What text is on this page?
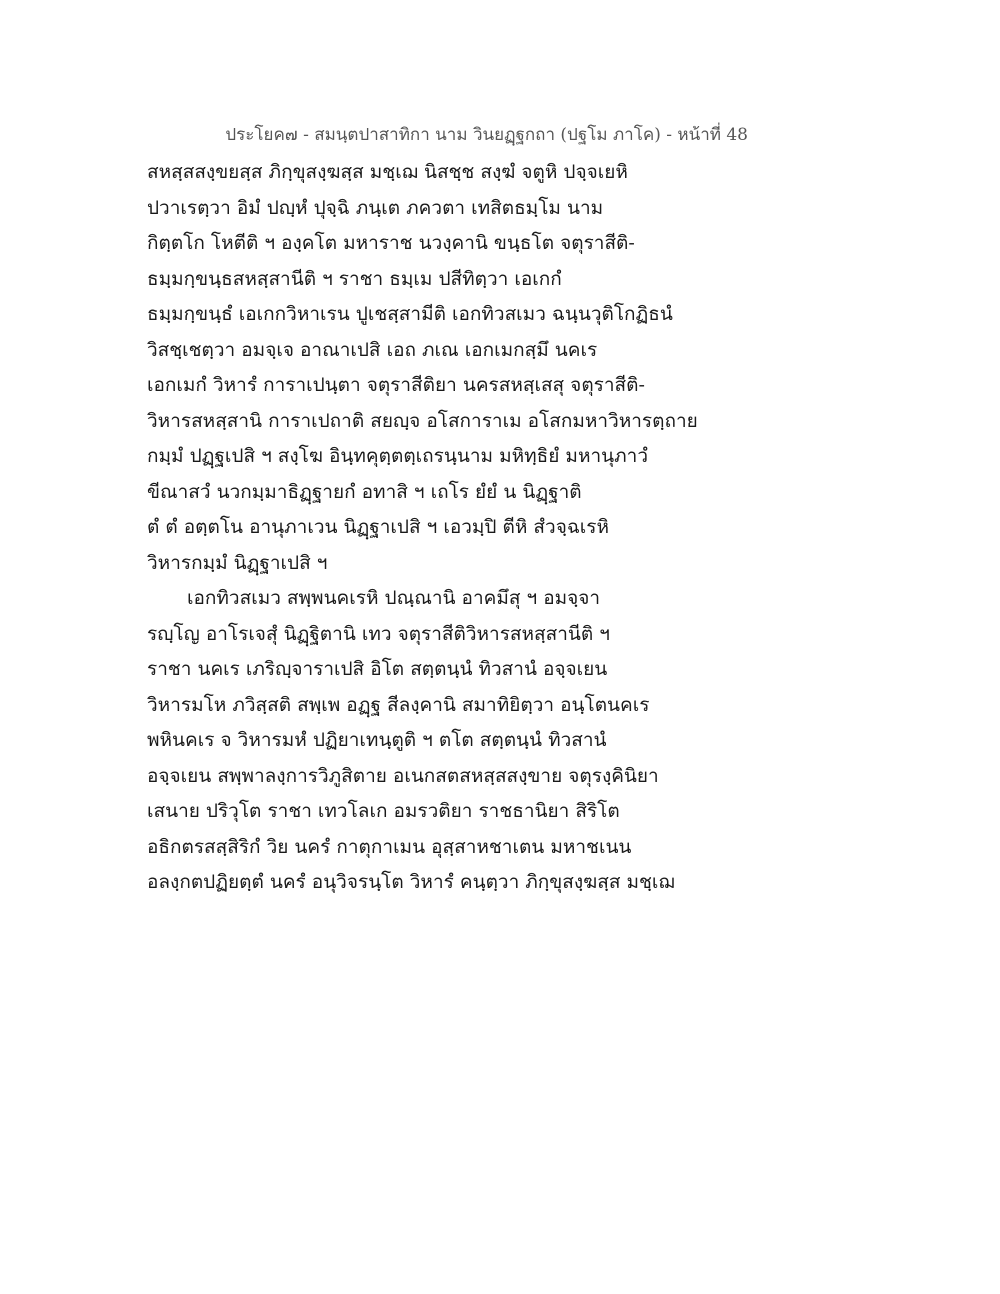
ประโยค๗ - สมนฺตปาสาทิกา นาม วินยฏฺฐกถา (ปฐโม ภาโค) - หน้าที่ 48
สหสฺสสงฺขยสฺส ภิกฺขุสงฺฆสฺส มชฺเฌ นิสชฺช สงฺฆํ จตูหิ ปจฺจเยหิ
ปวาเรตฺวา อิมํ ปญฺหํ ปุจฺฉิ ภนฺเต ภควตา เทสิตธมฺโม นาม
กิตฺตโก โหตีติ ฯ องฺคโต มหาราช นวงฺคานิ ขนฺธโต จตุราสีติ-
ธมฺมกฺขนฺธสหสฺสานีติ ฯ ราชา ธมฺเม ปสีทิตฺวา เอเกกํ
ธมฺมกฺขนฺธํ เอเกกวิหาเรน ปูเชสฺสามีติ เอกทิวสเมว ฉนฺนวุติโกฏิธนํ
วิสชฺเชตฺวา อมจฺเจ อาณาเปสิ เอถ ภเณ เอกเมกสฺมึ นคเร
เอกเมกํ วิหารํ การาเปนฺตา จตุราสีติยา นครสหสฺเสสุ จตุราสีติ-
วิหารสหสฺสานิ การาเปถาติ สยญฺจ อโสการาเม อโสกมหาวิหารตฺถาย
กมฺมํ ปฏฺฐเปสิ ฯ สงฺโฆ อินฺทคุตฺตตฺเถรนฺนาม มหิทฺธิยํ มหานุภาวํ
ขีณาสวํ นวกมฺมาธิฏฺฐายกํ อทาสิ ฯ เถโร ยํยํ น นิฏฺฐาติ
ตํ ตํ อตฺตโน อานุภาเวน นิฏฺฐาเปสิ ฯ เอวมฺปิ ตีหิ สํวจฺฉเรหิ
วิหารกมฺมํ นิฏฺฐาเปสิ ฯ
เอกทิวสเมว สพฺพนคเรหิ ปณฺณานิ อาคมึสุ ฯ อมจฺจา
รญฺโญ อาโรเจสุํ นิฏฺฐิตานิ เทว จตุราสีติวิหารสหสฺสานีติ ฯ
ราชา นคเร เภริญฺจาราเปสิ อิโต สตฺตนฺนํ ทิวสานํ อจฺจเยน
วิหารมโห ภวิสฺสติ สพฺเพ อฏฺฐ สีลงฺคานิ สมาทิยิตฺวา อนฺโตนคเร
พหินคเร จ วิหารมหํ ปฏิยาเทนฺตูติ ฯ ตโต สตฺตนฺนํ ทิวสานํ
อจฺจเยน สพฺพาลงฺการวิภูสิตาย อเนกสตสหสฺสสงฺขาย จตุรงฺคินิยา
เสนาย ปริวุโต ราชา เทวโลเก อมรวติยา ราชธานิยา สิริโต
อธิกตรสสฺสิริกํ วิย นครํ กาตุกาเมน อุสฺสาหชาเตน มหาชเนน
อลงฺกตปฏิยตฺตํ นครํ อนุวิจรนฺโต วิหารํ คนฺตฺวา ภิกฺขุสงฺฆสฺส มชฺเฌ
